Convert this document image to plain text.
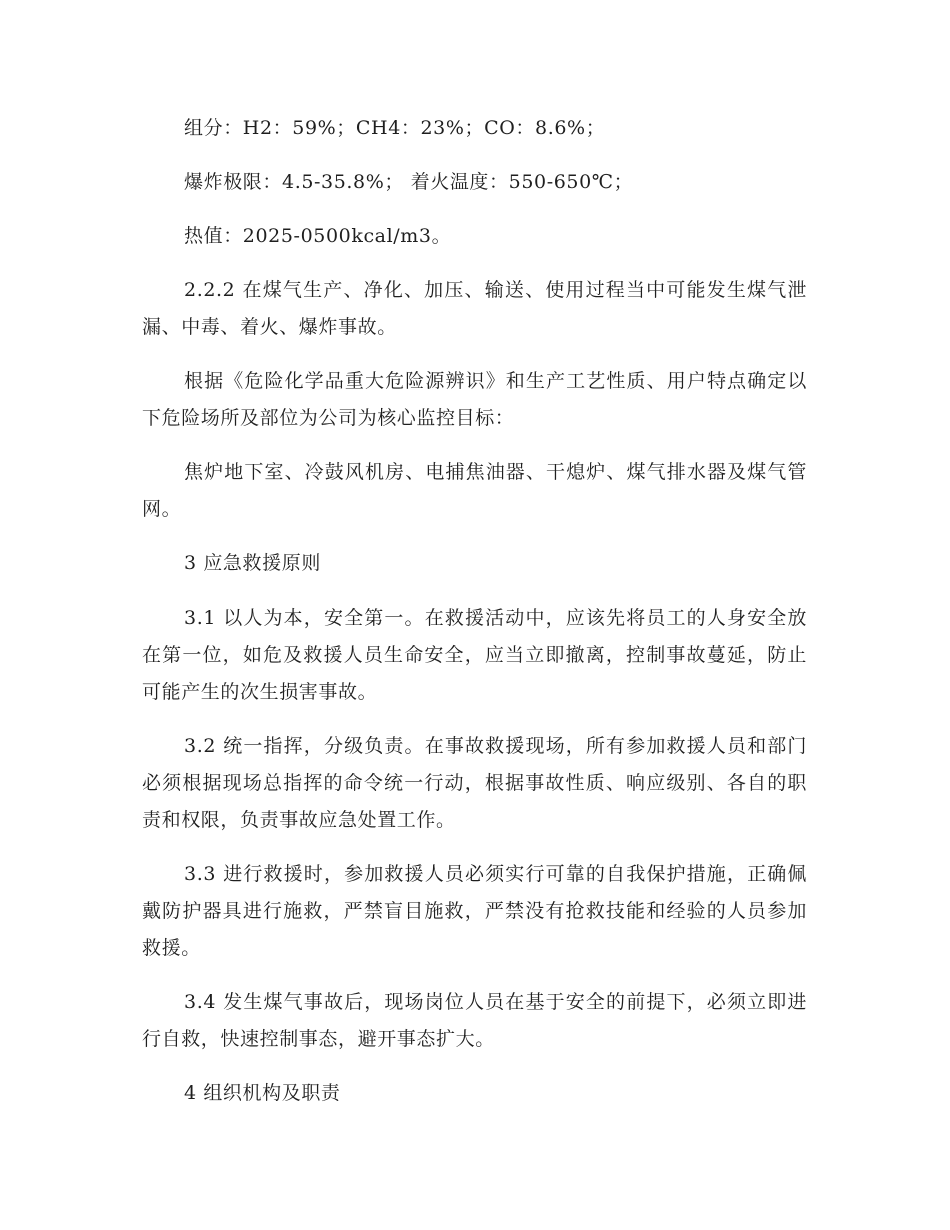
组分：H2：59%；CH4：23%；CO：8.6%；

爆炸极限：4.5-35.8%； 着火温度：550-650℃；

热值：2025-0500kcal/m3。

2.2.2 在煤气生产、净化、加压、输送、使用过程当中可能发生煤气泄漏、中毒、着火、爆炸事故。

根据《危险化学品重大危险源辨识》和生产工艺性质、用户特点确定以下危险场所及部位为公司为核心监控目标：

焦炉地下室、冷鼓风机房、电捕焦油器、干熄炉、煤气排水器及煤气管网。

3 应急救援原则

3.1 以人为本，安全第一。在救援活动中，应该先将员工的人身安全放在第一位，如危及救援人员生命安全，应当立即撤离，控制事故蔓延，防止可能产生的次生损害事故。

3.2 统一指挥，分级负责。在事故救援现场，所有参加救援人员和部门必须根据现场总指挥的命令统一行动，根据事故性质、响应级别、各自的职责和权限，负责事故应急处置工作。

3.3 进行救援时，参加救援人员必须实行可靠的自我保护措施，正确佩戴防护器具进行施救，严禁盲目施救，严禁没有抢救技能和经验的人员参加救援。

3.4 发生煤气事故后，现场岗位人员在基于安全的前提下，必须立即进行自救，快速控制事态，避开事态扩大。

4 组织机构及职责
